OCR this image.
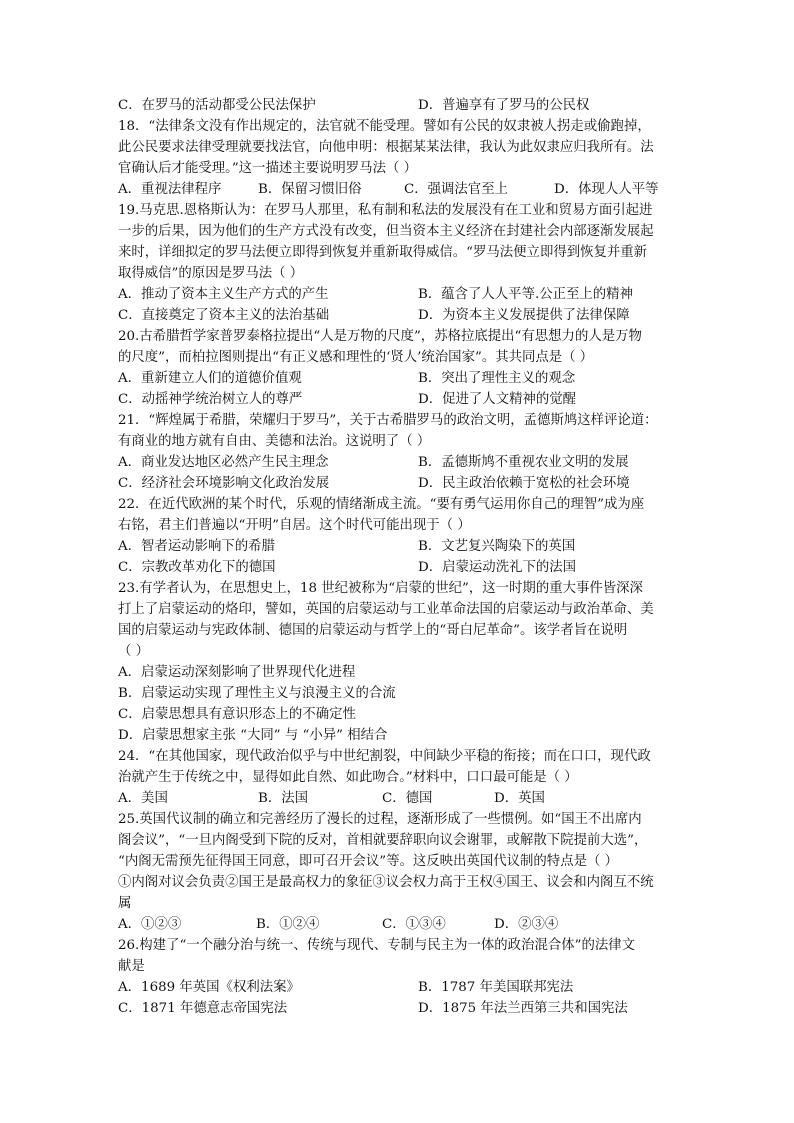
C．在罗马的活动都受公民法保护	D．普遍享有了罗马的公民权
18．“法律条文没有作出规定的，法官就不能受理。譬如有公民的奴隶被人拐走或偷跑掉，
此公民要求法律受理就要找法官，向他申明：根据某某法律，我认为此奴隶应归我所有。法
官确认后才能受理。”这一描述主要说明罗马法（ ）
A．重视法律程序	B．保留习惯旧俗	C．强调法官至上	D．体现人人平等
19.马克思.恩格斯认为：在罗马人那里，私有制和私法的发展没有在工业和贸易方面引起进
一步的后果，因为他们的生产方式没有改变，但当资本主义经济在封建社会内部逐渐发展起
来时，详细拟定的罗马法便立即得到恢复并重新取得威信。“罗马法便立即得到恢复并重新
取得威信”的原因是罗马法（ ）
A．推动了资本主义生产方式的产生	B．蕴含了人人平等.公正至上的精神
C．直接奠定了资本主义的法治基础	D．为资本主义发展提供了法律保障
20.古希腊哲学家普罗泰格拉提出“人是万物的尺度”，苏格拉底提出“有思想力的人是万物
的尺度”，而柏拉图则提出“有正义感和理性的‘贤人’统治国家”。其共同点是（ ）
A．重新建立人们的道德价值观	B．突出了理性主义的观念
C．动摇神学统治树立人的尊严	D．促进了人文精神的觉醒
21．“辉煌属于希腊，荣耀归于罗马”，关于古希腊罗马的政治文明，孟德斯鸠这样评论道：
有商业的地方就有自由、美德和法治。这说明了（ ）
A．商业发达地区必然产生民主理念	B．孟德斯鸠不重视农业文明的发展
C．经济社会环境影响文化政治发展	D．民主政治依赖于宽松的社会环境
22．在近代欧洲的某个时代，乐观的情绪渐成主流。“要有勇气运用你自己的理智”成为座
右铭，君主们普遍以“开明”自居。这个时代可能出现于（ ）
A．智者运动影响下的希腊	B．文艺复兴陶染下的英国
C．宗教改革劝化下的德国	D．启蒙运动洗礼下的法国
23.有学者认为，在思想史上，18 世纪被称为“启蒙的世纪”，这一时期的重大事件皆深深
打上了启蒙运动的烙印，譬如，英国的启蒙运动与工业革命法国的启蒙运动与政治革命、美
国的启蒙运动与宪政体制、德国的启蒙运动与哲学上的“哥白尼革命”。该学者旨在说明
（ ）
A．启蒙运动深刻影响了世界现代化进程
B．启蒙运动实现了理性主义与浪漫主义的合流
C．启蒙思想具有意识形态上的不确定性
D．启蒙思想家主张 “大同” 与 “小异” 相结合
24．“在其他国家，现代政治似乎与中世纪割裂，中间缺少平稳的衔接；而在口口，现代政
治就产生于传统之中，显得如此自然、如此吻合。”材料中，口口最可能是（ ）
A．美国	B．法国	C．德国	D．英国
25.英国代议制的确立和完善经历了漫长的过程，逐渐形成了一些惯例。如“国王不出席内
阁会议”，“一旦内阁受到下院的反对，首相就要辞职向议会谢罪，或解散下院提前大选”，
“内阁无需预先征得国王同意，即可召开会议”等。这反映出英国代议制的特点是（ ）
①内阁对议会负责②国王是最高权力的象征③议会权力高于王权④国王、议会和内阁互不统
属
A．①②③	B．①②④	C．①③④	D．②③④
26.构建了“一个融分治与统一、传统与现代、专制与民主为一体的政治混合体”的法律文
献是
A．1689 年英国《权利法案》	B．1787 年美国联邦宪法
C．1871 年德意志帝国宪法	D．1875 年法兰西第三共和国宪法
